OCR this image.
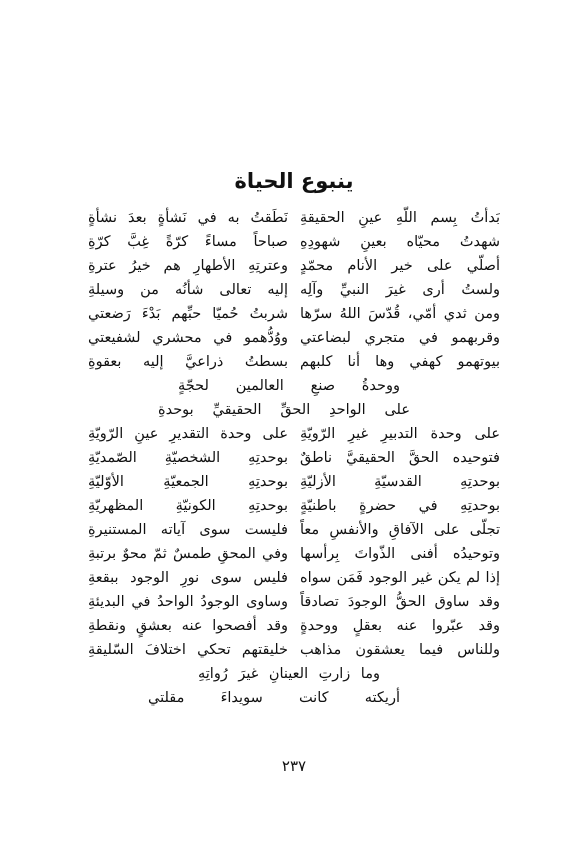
ينبوع الحياة
بَدأتُ بِسم اللّهِ عينِ الحقيقةِ
نَطَقتُ به في نَشأةٍ بعدَ نشأةٍ
شهدتُ محيّاه بعينِ شهودِهِ
صباحاً مساءً كرّةً غِبَّ كرّةِ
أصلّي على خير الأنام محمّدٍ
وعترتِهِ الأطهارِ هم خيرُ عترةِ
ولستُ أرى غيرَ النبيِّ وآلِه
إليه تعالى شأنُه من وسيلةِ
ومن ثدي أمّي، قُدّسَ اللهُ سرّها
شربتُ حُميّا حبِّهم بَدْءَ رَضعتي
وقربهمو في متجري لبضاعتي
ووُدُّهمو في محشري لشفيعتي
بيوتهمو كهفي وها أنا كلبهم
بسطتُ ذراعيَّ إليه بعقوةِ
ووحدةُ صنعِ العالمين لحجّةٍ
على الواحدِ الحقِّ الحقيقيِّ بوحدةِ
على وحدة التدبيرِ غيرِ الرّويّةِ
على وحدة التقديرِ عينِ الرّويّةِ
فتوحيده الحقَّ الحقيقيَّ ناطقٌ
بوحدتِهِ الشخصيّةِ الصّمديّةِ
بوحدتِهِ القدسيّةِ الأزليّةِ
بوحدتِهِ الجمعيّةِ الأوّليّةِ
بوحدتِهِ في حضرةٍ باطنيّةٍ
بوحدتِهِ الكونيّةِ المظهريّةِ
تجلّى على الآفاقِ والأنفسِ معاً
فليست سوى آياته المستنيرةِ
وتوحيدُه أفنى الذّواتَ بِرأسها
وفي المحقِ طمسٌ ثمّ محوٌ برتبةِ
إذا لم يكن غير الوجود فَمَن سواه
فليس سوى نورِ الوجود ببقعةِ
وقد ساوق الحقُّ الوجودَ تصادقاً
وساوى الوجودُ الواحدُ في البديئةِ
وقد عبّروا عنه بعقلٍ ووحدةٍ
وقد أفصحوا عنه بعشقٍ ونقطةِ
وللناس فيما يعشقون مذاهب
خليقتهم تحكي اختلافَ السّليقةِ
وما زارتِ العينانِ غيرَ رُواتِهِ
أريكته كانت سويداءَ مقلتي
٢٣٧
